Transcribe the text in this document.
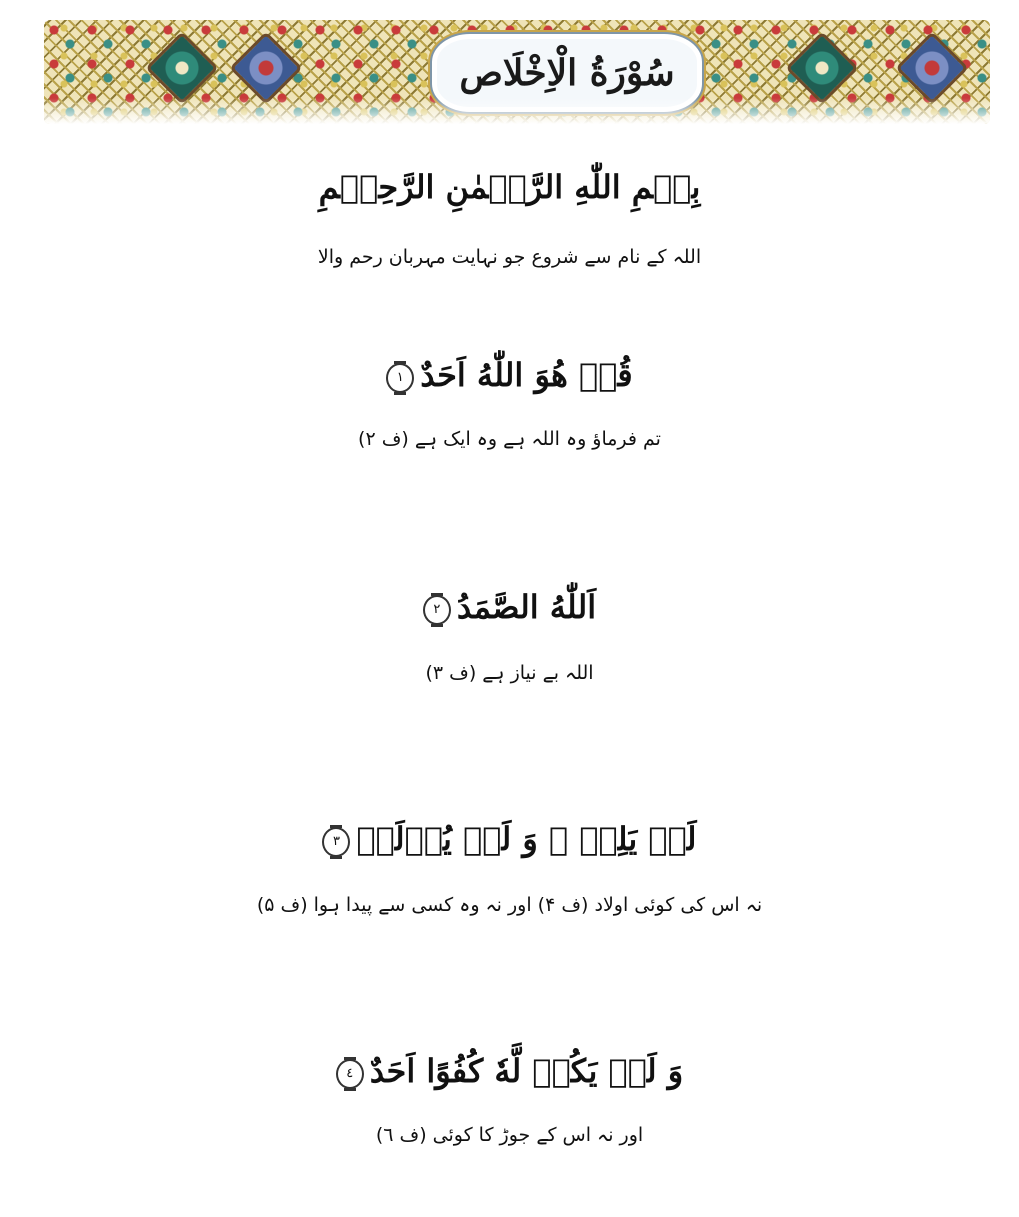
سُوْرَةُ الْاِخْلَاص
بِسۡمِ اللّٰهِ الرَّحۡمٰنِ الرَّحِيۡمِ
اللہ کے نام سے شروع جو نہایت مہربان رحم والا
قُلۡ هُوَ اللّٰهُ اَحَدٌ١
تم فرماؤ وہ اللہ ہے وہ ایک ہے (ف ۲)
اَللّٰهُ الصَّمَدُ٢
اللہ بے نیاز ہے (ف ۳)
لَمۡ يَلِدۡ ۙ وَ لَمۡ يُوۡلَدۡ٣
نہ اس کی کوئی اولاد (ف ۴) اور نہ وہ کسی سے پیدا ہوا (ف ۵)
وَ لَمۡ يَكُنۡ لَّهٗ كُفُوًا اَحَدٌ٤
اور نہ اس کے جوڑ کا کوئی (ف ٦)
